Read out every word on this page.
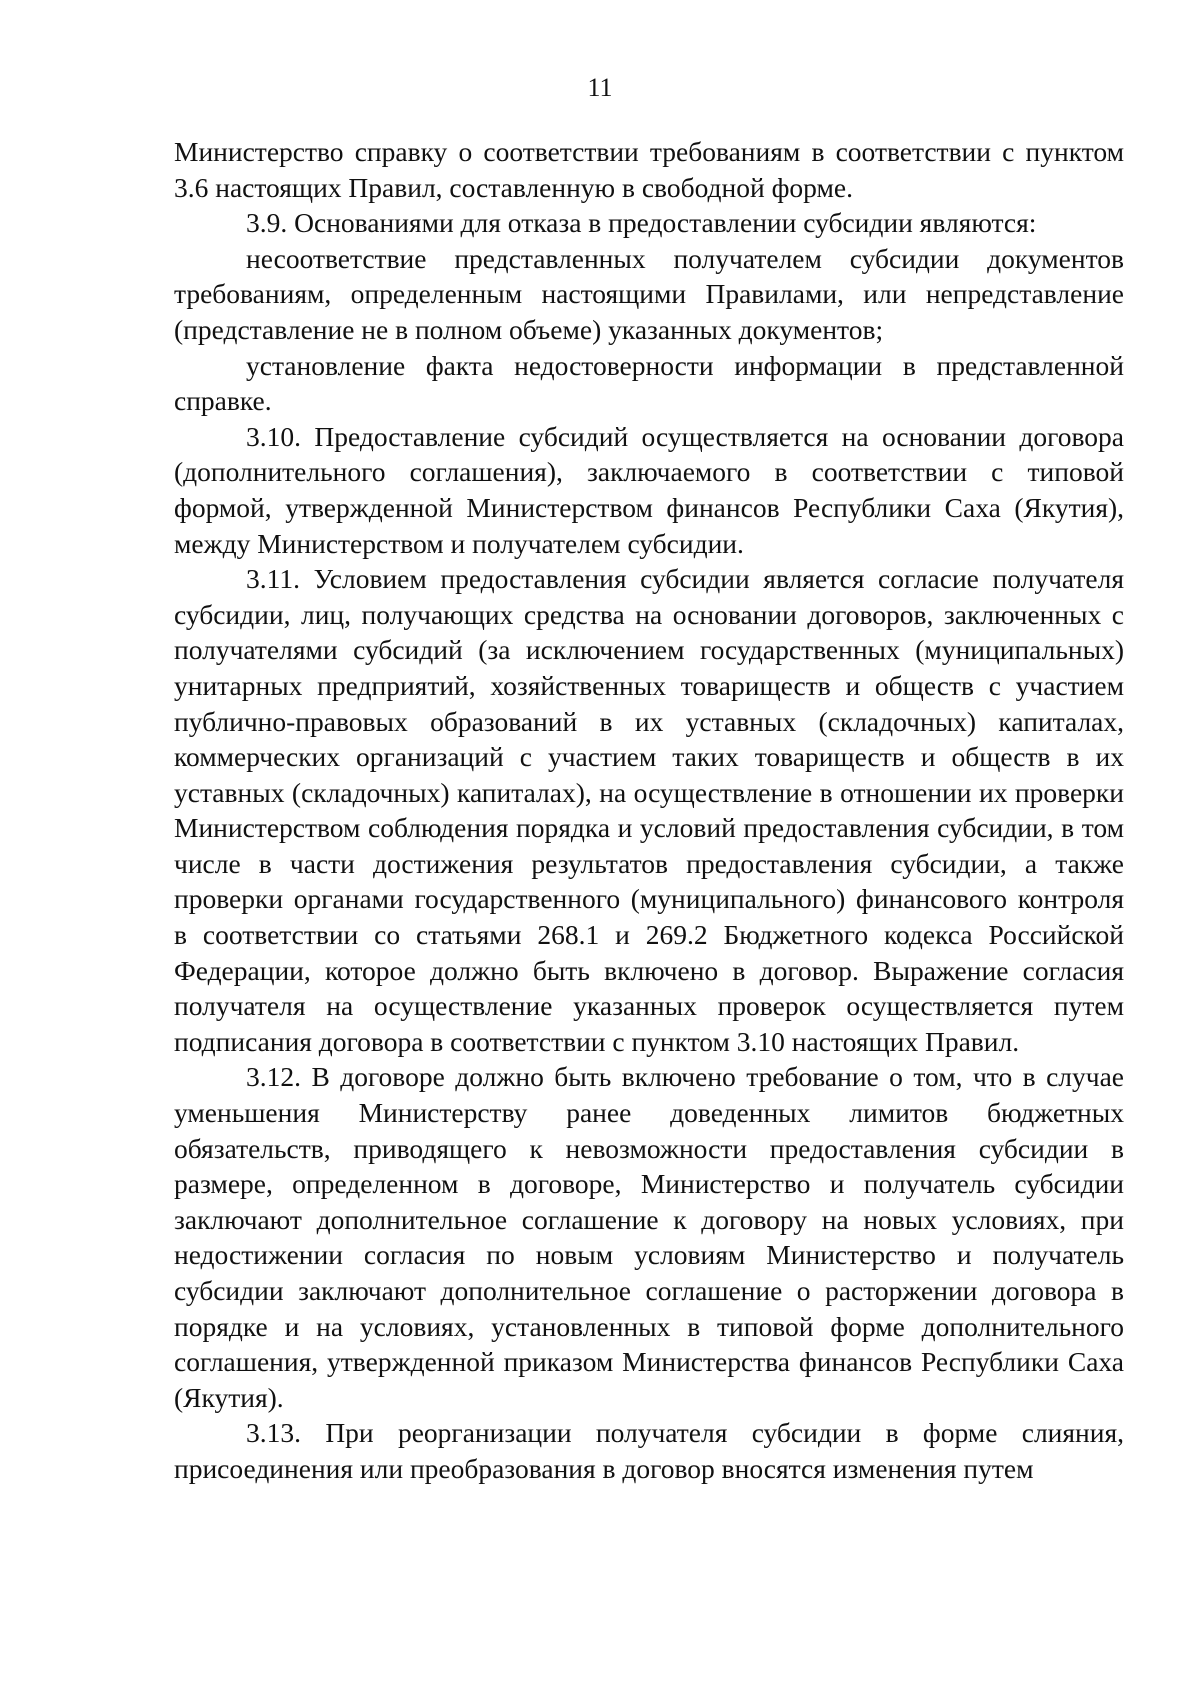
11

Министерство справку о соответствии требованиям в соответствии с пунктом 3.6 настоящих Правил, составленную в свободной форме.

3.9. Основаниями для отказа в предоставлении субсидии являются:

несоответствие представленных получателем субсидии документов требованиям, определенным настоящими Правилами, или непредставление (представление не в полном объеме) указанных документов;

установление факта недостоверности информации в представленной справке.

3.10. Предоставление субсидий осуществляется на основании договора (дополнительного соглашения), заключаемого в соответствии с типовой формой, утвержденной Министерством финансов Республики Саха (Якутия), между Министерством и получателем субсидии.

3.11. Условием предоставления субсидии является согласие получателя субсидии, лиц, получающих средства на основании договоров, заключенных с получателями субсидий (за исключением государственных (муниципальных) унитарных предприятий, хозяйственных товариществ и обществ с участием публично-правовых образований в их уставных (складочных) капиталах, коммерческих организаций с участием таких товариществ и обществ в их уставных (складочных) капиталах), на осуществление в отношении их проверки Министерством соблюдения порядка и условий предоставления субсидии, в том числе в части достижения результатов предоставления субсидии, а также проверки органами государственного (муниципального) финансового контроля в соответствии со статьями 268.1 и 269.2 Бюджетного кодекса Российской Федерации, которое должно быть включено в договор. Выражение согласия получателя на осуществление указанных проверок осуществляется путем подписания договора в соответствии с пунктом 3.10 настоящих Правил.

3.12. В договоре должно быть включено требование о том, что в случае уменьшения Министерству ранее доведенных лимитов бюджетных обязательств, приводящего к невозможности предоставления субсидии в размере, определенном в договоре, Министерство и получатель субсидии заключают дополнительное соглашение к договору на новых условиях, при недостижении согласия по новым условиям Министерство и получатель субсидии заключают дополнительное соглашение о расторжении договора в порядке и на условиях, установленных в типовой форме дополнительного соглашения, утвержденной приказом Министерства финансов Республики Саха (Якутия).

3.13. При реорганизации получателя субсидии в форме слияния, присоединения или преобразования в договор вносятся изменения путем
